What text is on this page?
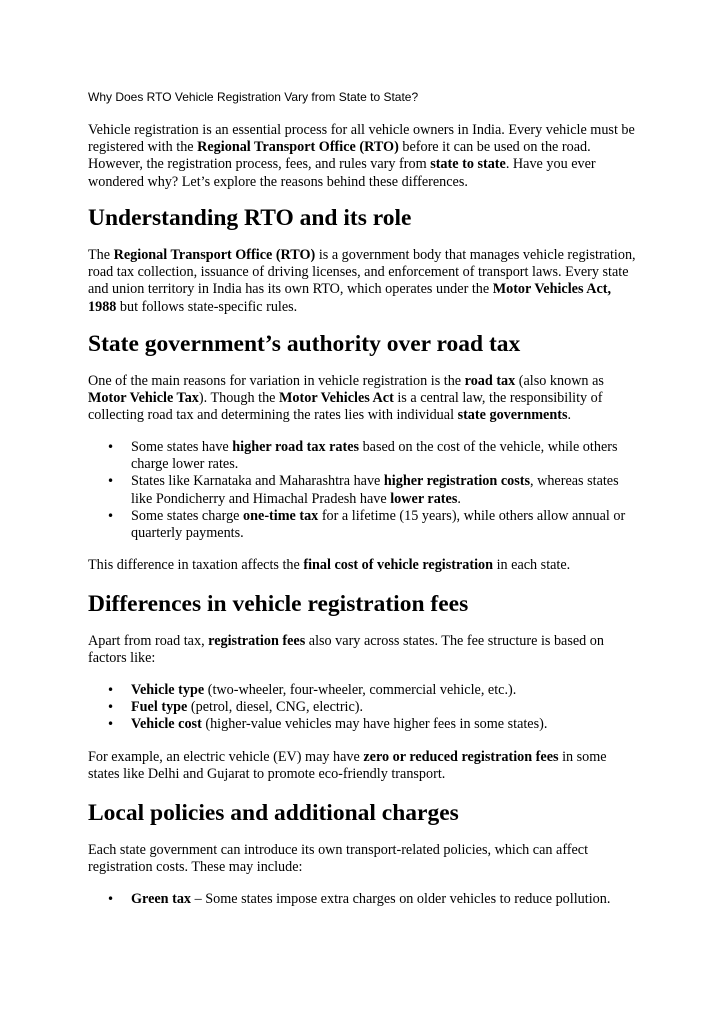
Why Does RTO Vehicle Registration Vary from State to State?

Vehicle registration is an essential process for all vehicle owners in India. Every vehicle must be registered with the Regional Transport Office (RTO) before it can be used on the road. However, the registration process, fees, and rules vary from state to state. Have you ever wondered why? Let’s explore the reasons behind these differences.

Understanding RTO and its role

The Regional Transport Office (RTO) is a government body that manages vehicle registration, road tax collection, issuance of driving licenses, and enforcement of transport laws. Every state and union territory in India has its own RTO, which operates under the Motor Vehicles Act, 1988 but follows state-specific rules.

State government’s authority over road tax

One of the main reasons for variation in vehicle registration is the road tax (also known as Motor Vehicle Tax). Though the Motor Vehicles Act is a central law, the responsibility of collecting road tax and determining the rates lies with individual state governments.

• Some states have higher road tax rates based on the cost of the vehicle, while others charge lower rates.
• States like Karnataka and Maharashtra have higher registration costs, whereas states like Pondicherry and Himachal Pradesh have lower rates.
• Some states charge one-time tax for a lifetime (15 years), while others allow annual or quarterly payments.

This difference in taxation affects the final cost of vehicle registration in each state.

Differences in vehicle registration fees

Apart from road tax, registration fees also vary across states. The fee structure is based on factors like:

• Vehicle type (two-wheeler, four-wheeler, commercial vehicle, etc.).
• Fuel type (petrol, diesel, CNG, electric).
• Vehicle cost (higher-value vehicles may have higher fees in some states).

For example, an electric vehicle (EV) may have zero or reduced registration fees in some states like Delhi and Gujarat to promote eco-friendly transport.

Local policies and additional charges

Each state government can introduce its own transport-related policies, which can affect registration costs. These may include:

• Green tax – Some states impose extra charges on older vehicles to reduce pollution.
